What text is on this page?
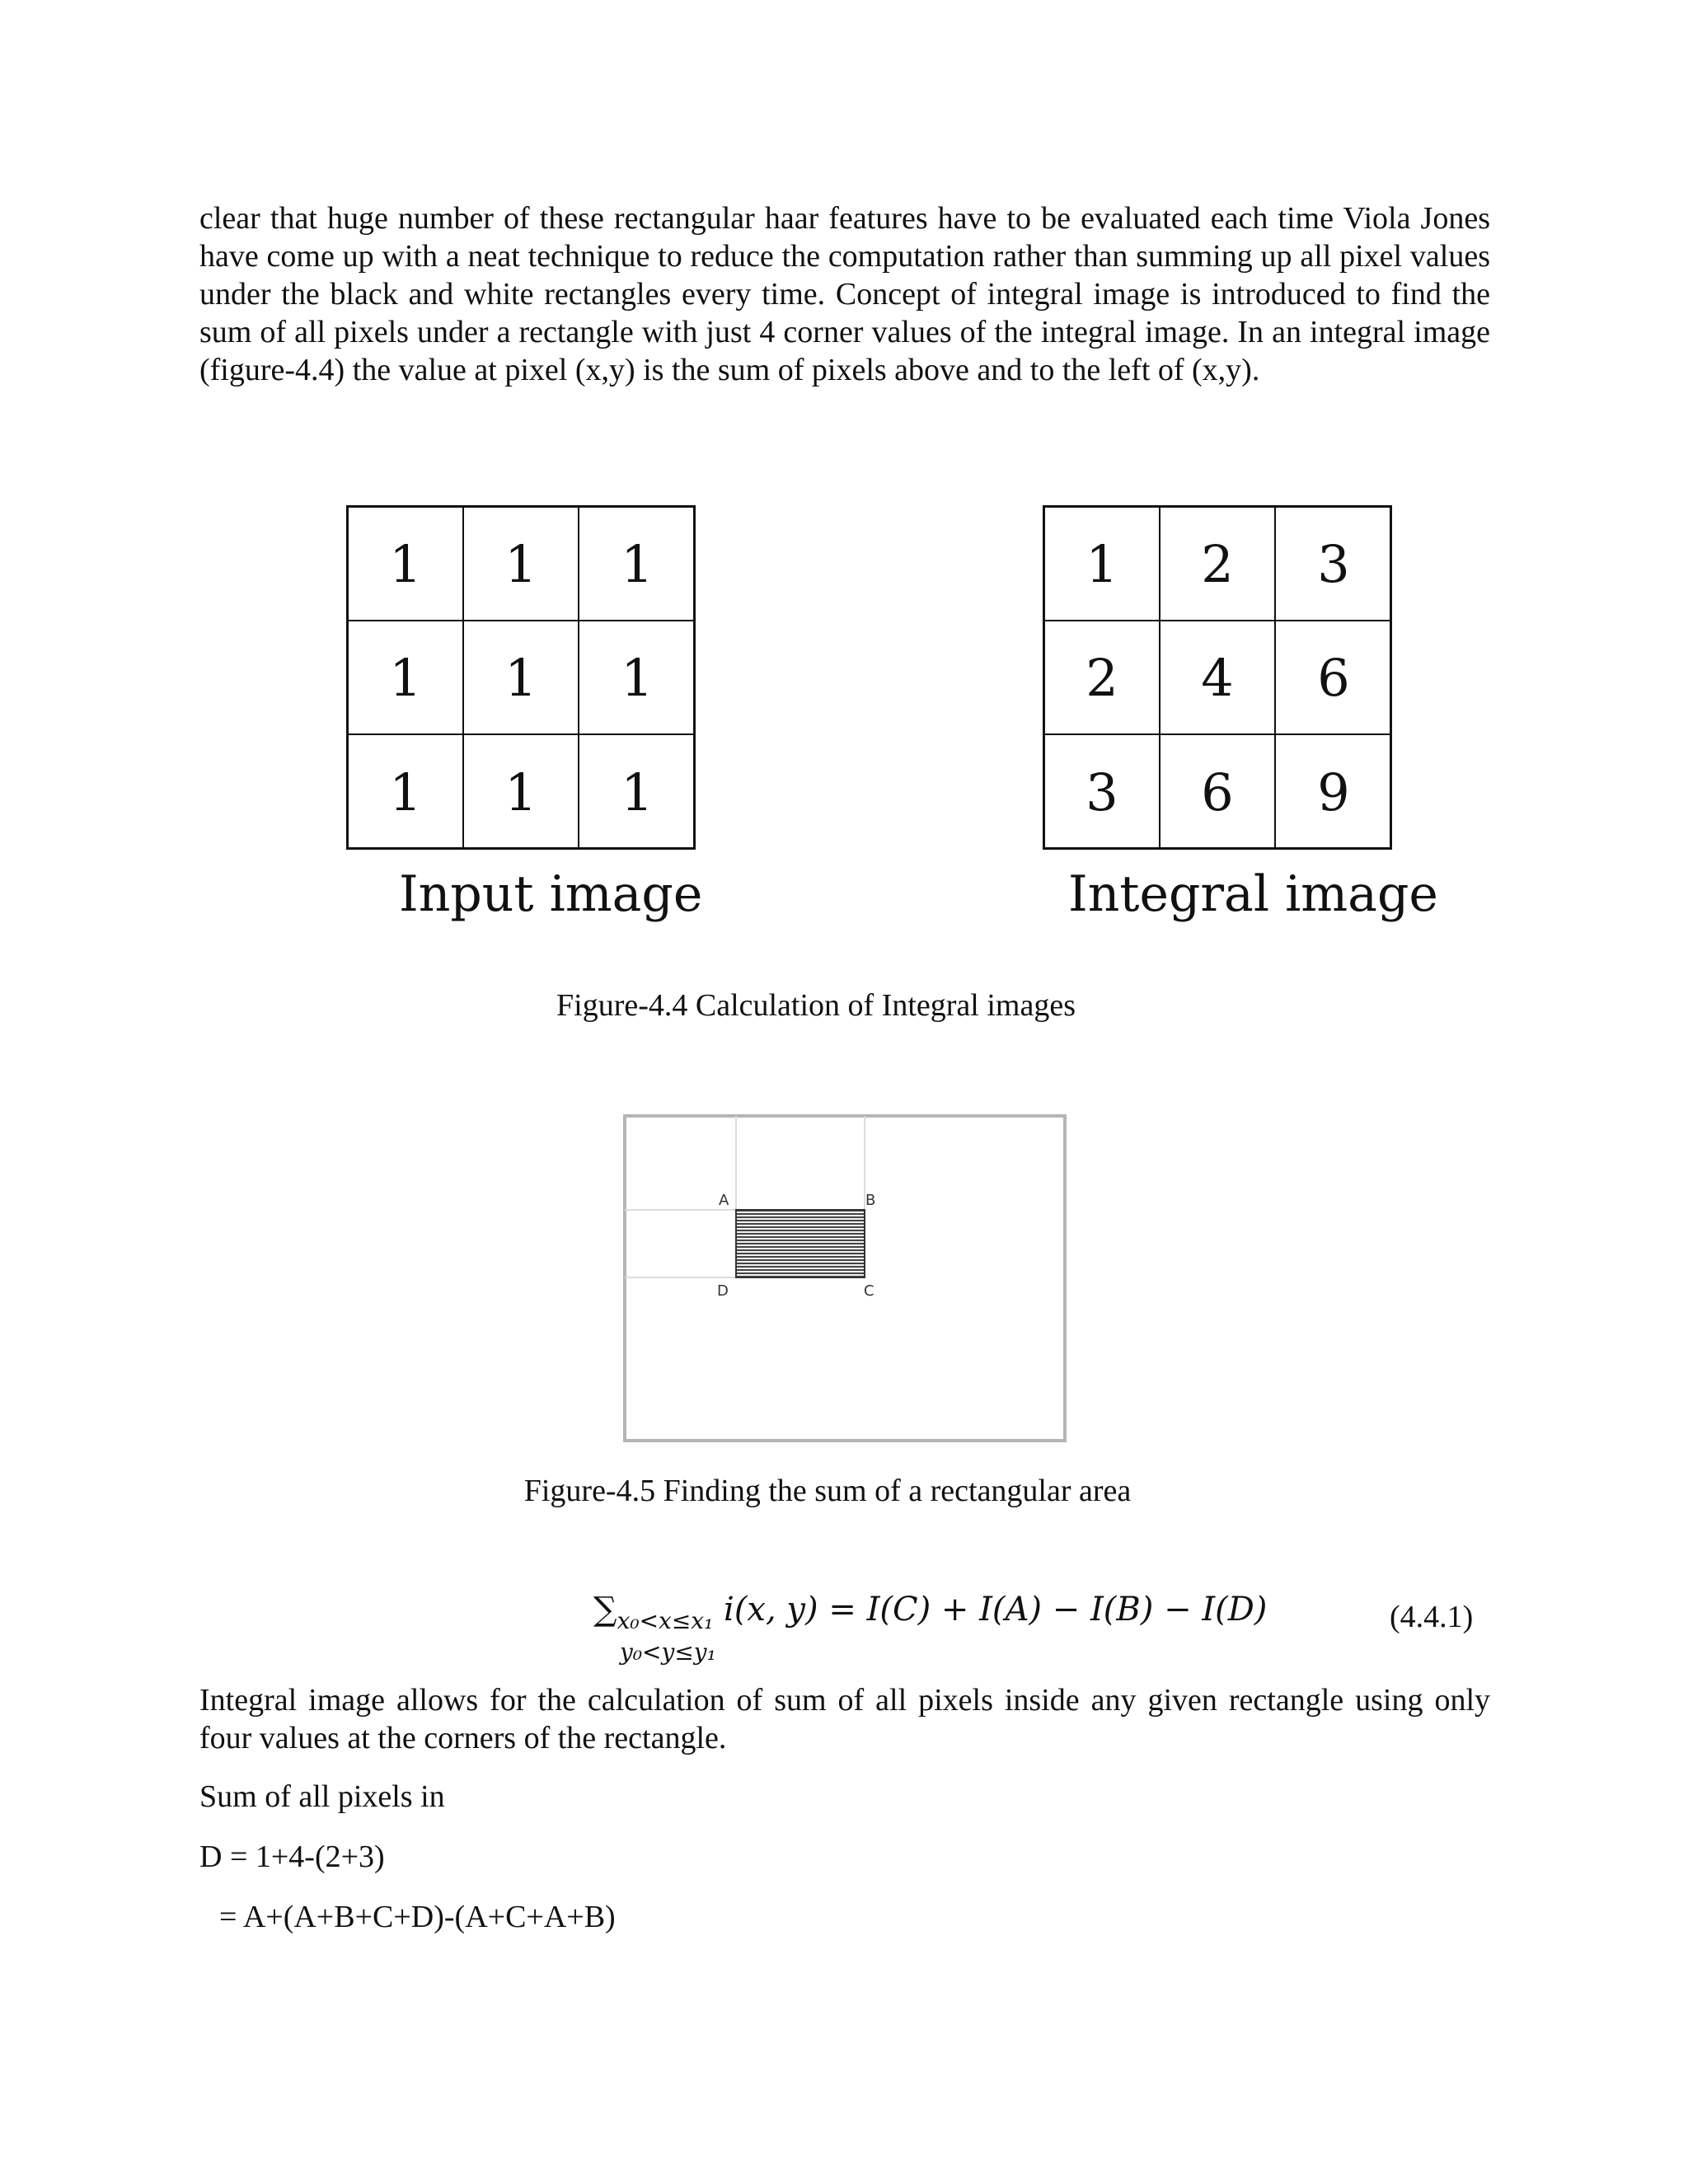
clear that huge number of these rectangular haar features have to be evaluated each time Viola Jones have come up with a neat technique to reduce the computation rather than summing up all pixel values under the black and white rectangles every time. Concept of integral image is introduced to find the sum of all pixels under a rectangle with just 4 corner values of the integral image. In an integral image (figure-4.4) the value at pixel (x,y) is the sum of pixels above and to the left of (x,y).

1	1	1
1	1	1
1	1	1
Input image
1	2	3
2	4	6
3	6	9
Integral image
Figure-4.4 Calculation of Integral images
A	B
C
D
Figure-4.5 Finding the sum of a rectangular area
$\sum_{x_0<x\le x_1}$ i(x, y) = I(C) + I(A) − I(B) − I(D)
y₀<y≤y₁
(4.4.1)

Integral image allows for the calculation of sum of all pixels inside any given rectangle using only four values at the corners of the rectangle.

Sum of all pixels in

D = 1+4-(2+3)

= A+(A+B+C+D)-(A+C+A+B)
